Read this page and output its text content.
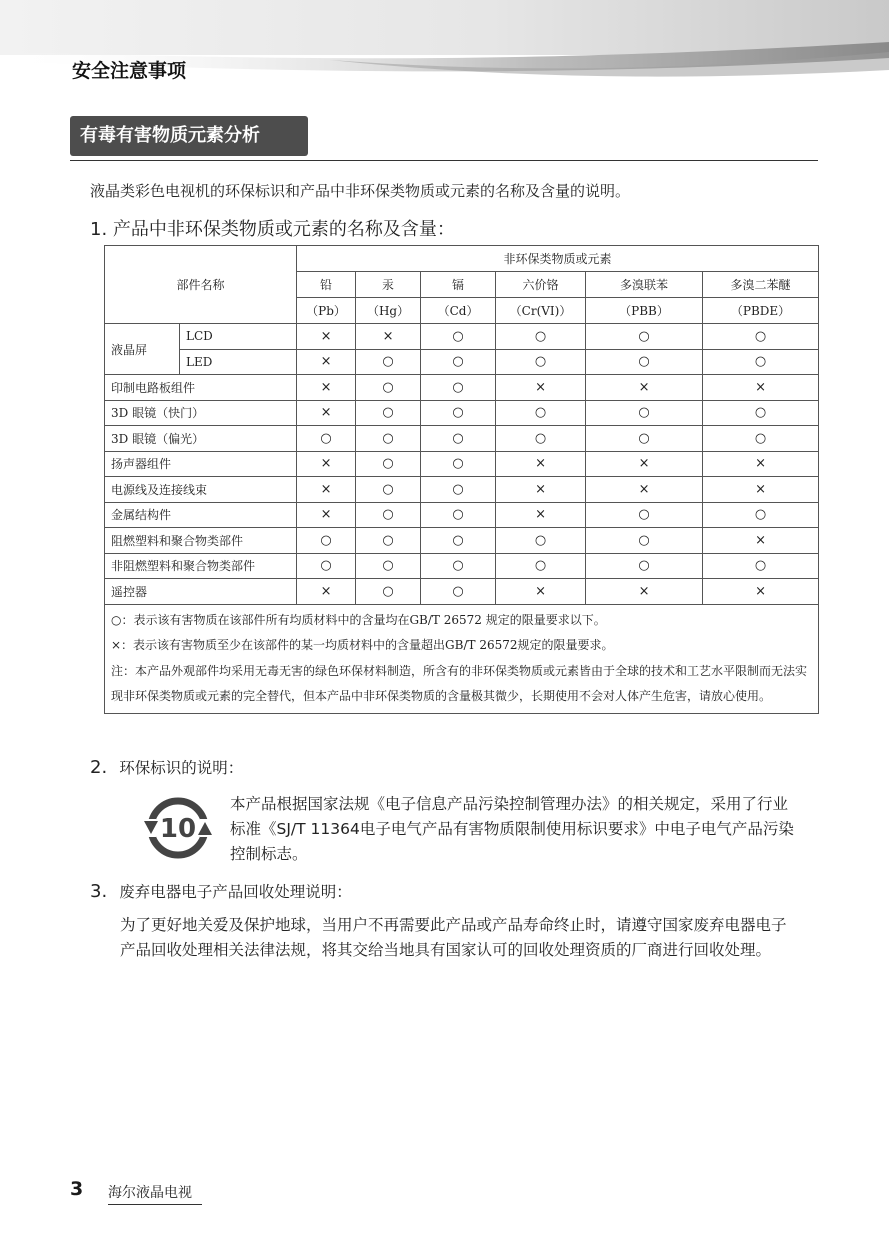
安全注意事项
有毒有害物质元素分析
液晶类彩色电视机的环保标识和产品中非环保类物质或元素的名称及含量的说明。
1. 产品中非环保类物质或元素的名称及含量：
部件名称		非环保类物质或元素					
		铅	汞	镉	六价铬	多溴联苯	多溴二苯醚
		（Pb）	（Hg）	（Cd）	（Cr(VI)）	（PBB）	（PBDE）
液晶屏	LCD	×	×	○	○	○	○
	LED	×	○	○	○	○	○
印制电路板组件		×	○	○	×	×	×
3D 眼镜（快门）		×	○	○	○	○	○
3D 眼镜（偏光）		○	○	○	○	○	○
扬声器组件		×	○	○	×	×	×
电源线及连接线束		×	○	○	×	×	×
金属结构件		×	○	○	×	○	○
阻燃塑料和聚合物类部件		○	○	○	○	○	×
非阻燃塑料和聚合物类部件		○	○	○	○	○	○
遥控器		×	○	○	×	×	×

○：表示该有害物质在该部件所有均质材料中的含量均在GB/T 26572 规定的限量要求以下。
×：表示该有害物质至少在该部件的某一均质材料中的含量超出GB/T 26572规定的限量要求。
注：本产品外观部件均采用无毒无害的绿色环保材料制造，所含有的非环保类物质或元素皆由于全球的技术和工艺水平限制而无法实现非环保类物质或元素的完全替代，但本产品中非环保类物质的含量极其微少，长期使用不会对人体产生危害，请放心使用。							
2. 环保标识的说明：
10
本产品根据国家法规《电子信息产品污染控制管理办法》的相关规定，采用了行业标准《SJ/T 11364电子电气产品有害物质限制使用标识要求》中电子电气产品污染控制标志。
3. 废弃电器电子产品回收处理说明：
为了更好地关爱及保护地球，当用户不再需要此产品或产品寿命终止时，请遵守国家废弃电器电子产品回收处理相关法律法规，将其交给当地具有国家认可的回收处理资质的厂商进行回收处理。
3 海尔液晶电视
